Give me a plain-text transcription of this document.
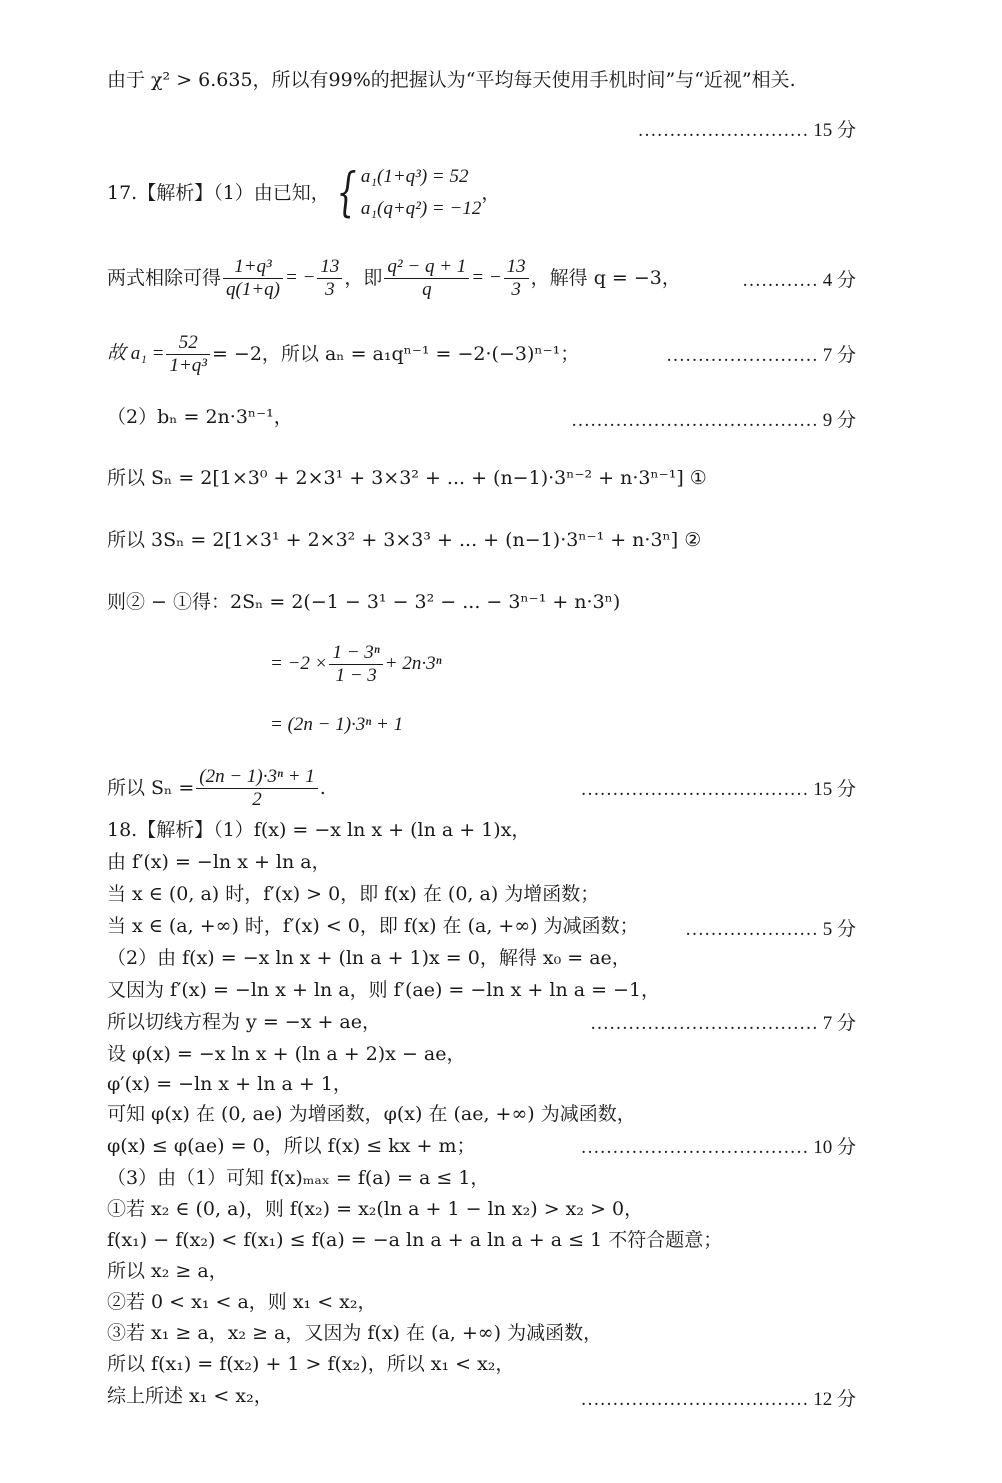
由于 χ² > 6.635，所以有99%的把握认为“平均每天使用手机时间”与“近视”相关.
……………………… 15 分
17.【解析】（1）由已知， { a₁(1+q³) = 52
a₁(q+q²) = −12
，
两式相除可得 $\frac{\text{1+q³}}{q(1+q)}$ = − $\frac{13}{3}$ ，即 $\frac{\text{q² − q + 1}}{q}$ = − $\frac{13}{3}$ ，解得 q = −3，	………… 4 分
故 $a_1 = \frac{52}{\text{1+q³}} = -2$，所以 aₙ = a₁qⁿ⁻¹ = −2·(−3)ⁿ⁻¹；	…………………… 7 分
（2）bₙ = 2n·3ⁿ⁻¹，	………………………………… 9 分
所以 Sₙ = 2[1×3⁰ + 2×3¹ + 3×3² + ... + (n−1)·3ⁿ⁻² + n·3ⁿ⁻¹] ①
所以 3Sₙ = 2[1×3¹ + 2×3² + 3×3³ + ... + (n−1)·3ⁿ⁻¹ + n·3ⁿ] ②
则② − ①得：2Sₙ = 2(−1 − 3¹ − 3² − ... − 3ⁿ⁻¹ + n·3ⁿ)
= $-2 \times \frac{\text{1 − 3ⁿ}}{1 - 3} + 2n\cdot 3^n$
= (2n − 1)·3ⁿ + 1
所以 $S_n = \frac{\text{(2n − 1)·3ⁿ + 1}}{2}$ .	……………………………… 15 分
18.【解析】（1）f(x) = −x ln x + (ln a + 1)x，
由 f′(x) = −ln x + ln a，
当 x ∈ (0, a) 时，f′(x) > 0，即 f(x) 在 (0, a) 为增函数；
当 x ∈ (a, +∞) 时，f′(x) < 0，即 f(x) 在 (a, +∞) 为减函数； ………………… 5 分
（2）由 f(x) = −x ln x + (ln a + 1)x = 0，解得 x₀ = ae，
又因为 f′(x) = −ln x + ln a，则 f′(ae) = −ln x + ln a = −1，
所以切线方程为 y = −x + ae，	……………………………… 7 分
设 φ(x) = −x ln x + (ln a + 2)x − ae，
φ′(x) = −ln x + ln a + 1，
可知 φ(x) 在 (0, ae) 为增函数，φ(x) 在 (ae, +∞) 为减函数，
φ(x) ≤ φ(ae) = 0，所以 f(x) ≤ kx + m；	……………………………… 10 分
（3）由（1）可知 f(x)ₘₐₓ = f(a) = a ≤ 1，
①若 x₂ ∈ (0, a)，则 f(x₂) = x₂(ln a + 1 − ln x₂) > x₂ > 0，
f(x₁) − f(x₂) < f(x₁) ≤ f(a) = −a ln a + a ln a + a ≤ 1 不符合题意；
所以 x₂ ≥ a，
②若 0 < x₁ < a，则 x₁ < x₂，
③若 x₁ ≥ a，x₂ ≥ a，又因为 f(x) 在 (a, +∞) 为减函数，
所以 f(x₁) = f(x₂) + 1 > f(x₂)，所以 x₁ < x₂，
综上所述 x₁ < x₂，	……………………………… 12 分
